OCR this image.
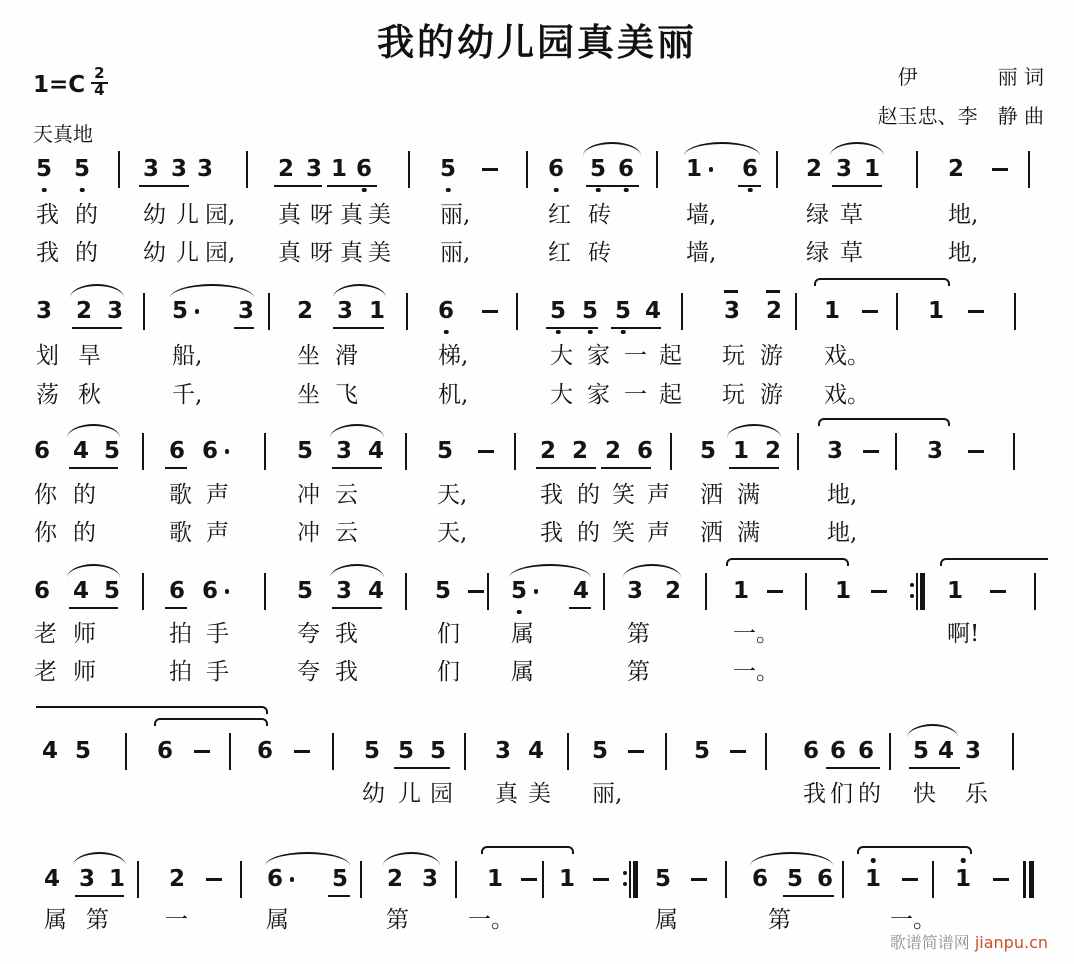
我的幼儿园真美丽
$1=C \frac{2}{4}$
天真地
伊　　　　丽 词
赵玉忠、李　静 曲
歌谱简谱网 jianpu.cn
5 5 3 3 3	2 3 1 6	5	6 5 6 1 6 2 3 1	2
我 的 幼 儿 园, 真 呀 真 美 丽,	红 砖	墙,	绿 草	地,
我 的 幼 儿 园, 真 呀 真 美 丽,	红 砖	墙,	绿 草	地,
3 2 3 5 3 2 3 1 6	5 5 5 4	3 2 1	1
划 旱	船,	坐 滑	梯,	大 家 一 起 玩 游 戏。
荡 秋	千,	坐 飞	机,	大 家 一 起 玩 游 戏。
6 4 5 6 6	5 3 4 5	2 2 2 6 5 1 2 3	3
你 的	歌 声	冲 云	天,	我 的 笑 声 洒 满	地,
你 的	歌 声	冲 云	天,	我 的 笑 声 洒 满	地,
6 4 5 6 6	5 3 4 5	5 4 3 2 1	1	1
老 师	拍 手	夸 我	们 属	第	一。	啊!
老 师	拍 手	夸 我	们 属	第	一。
4 5	6	6	5 5 5 3 4 5	5	6 6 6 5 4 3
幼 儿 园 真 美 丽,	我 们 的 快 乐
4 3 1 2	6 5 2 3 1 1	5	6 5 6 1	1
属 第 一	属	第	一。	属	第	一。
